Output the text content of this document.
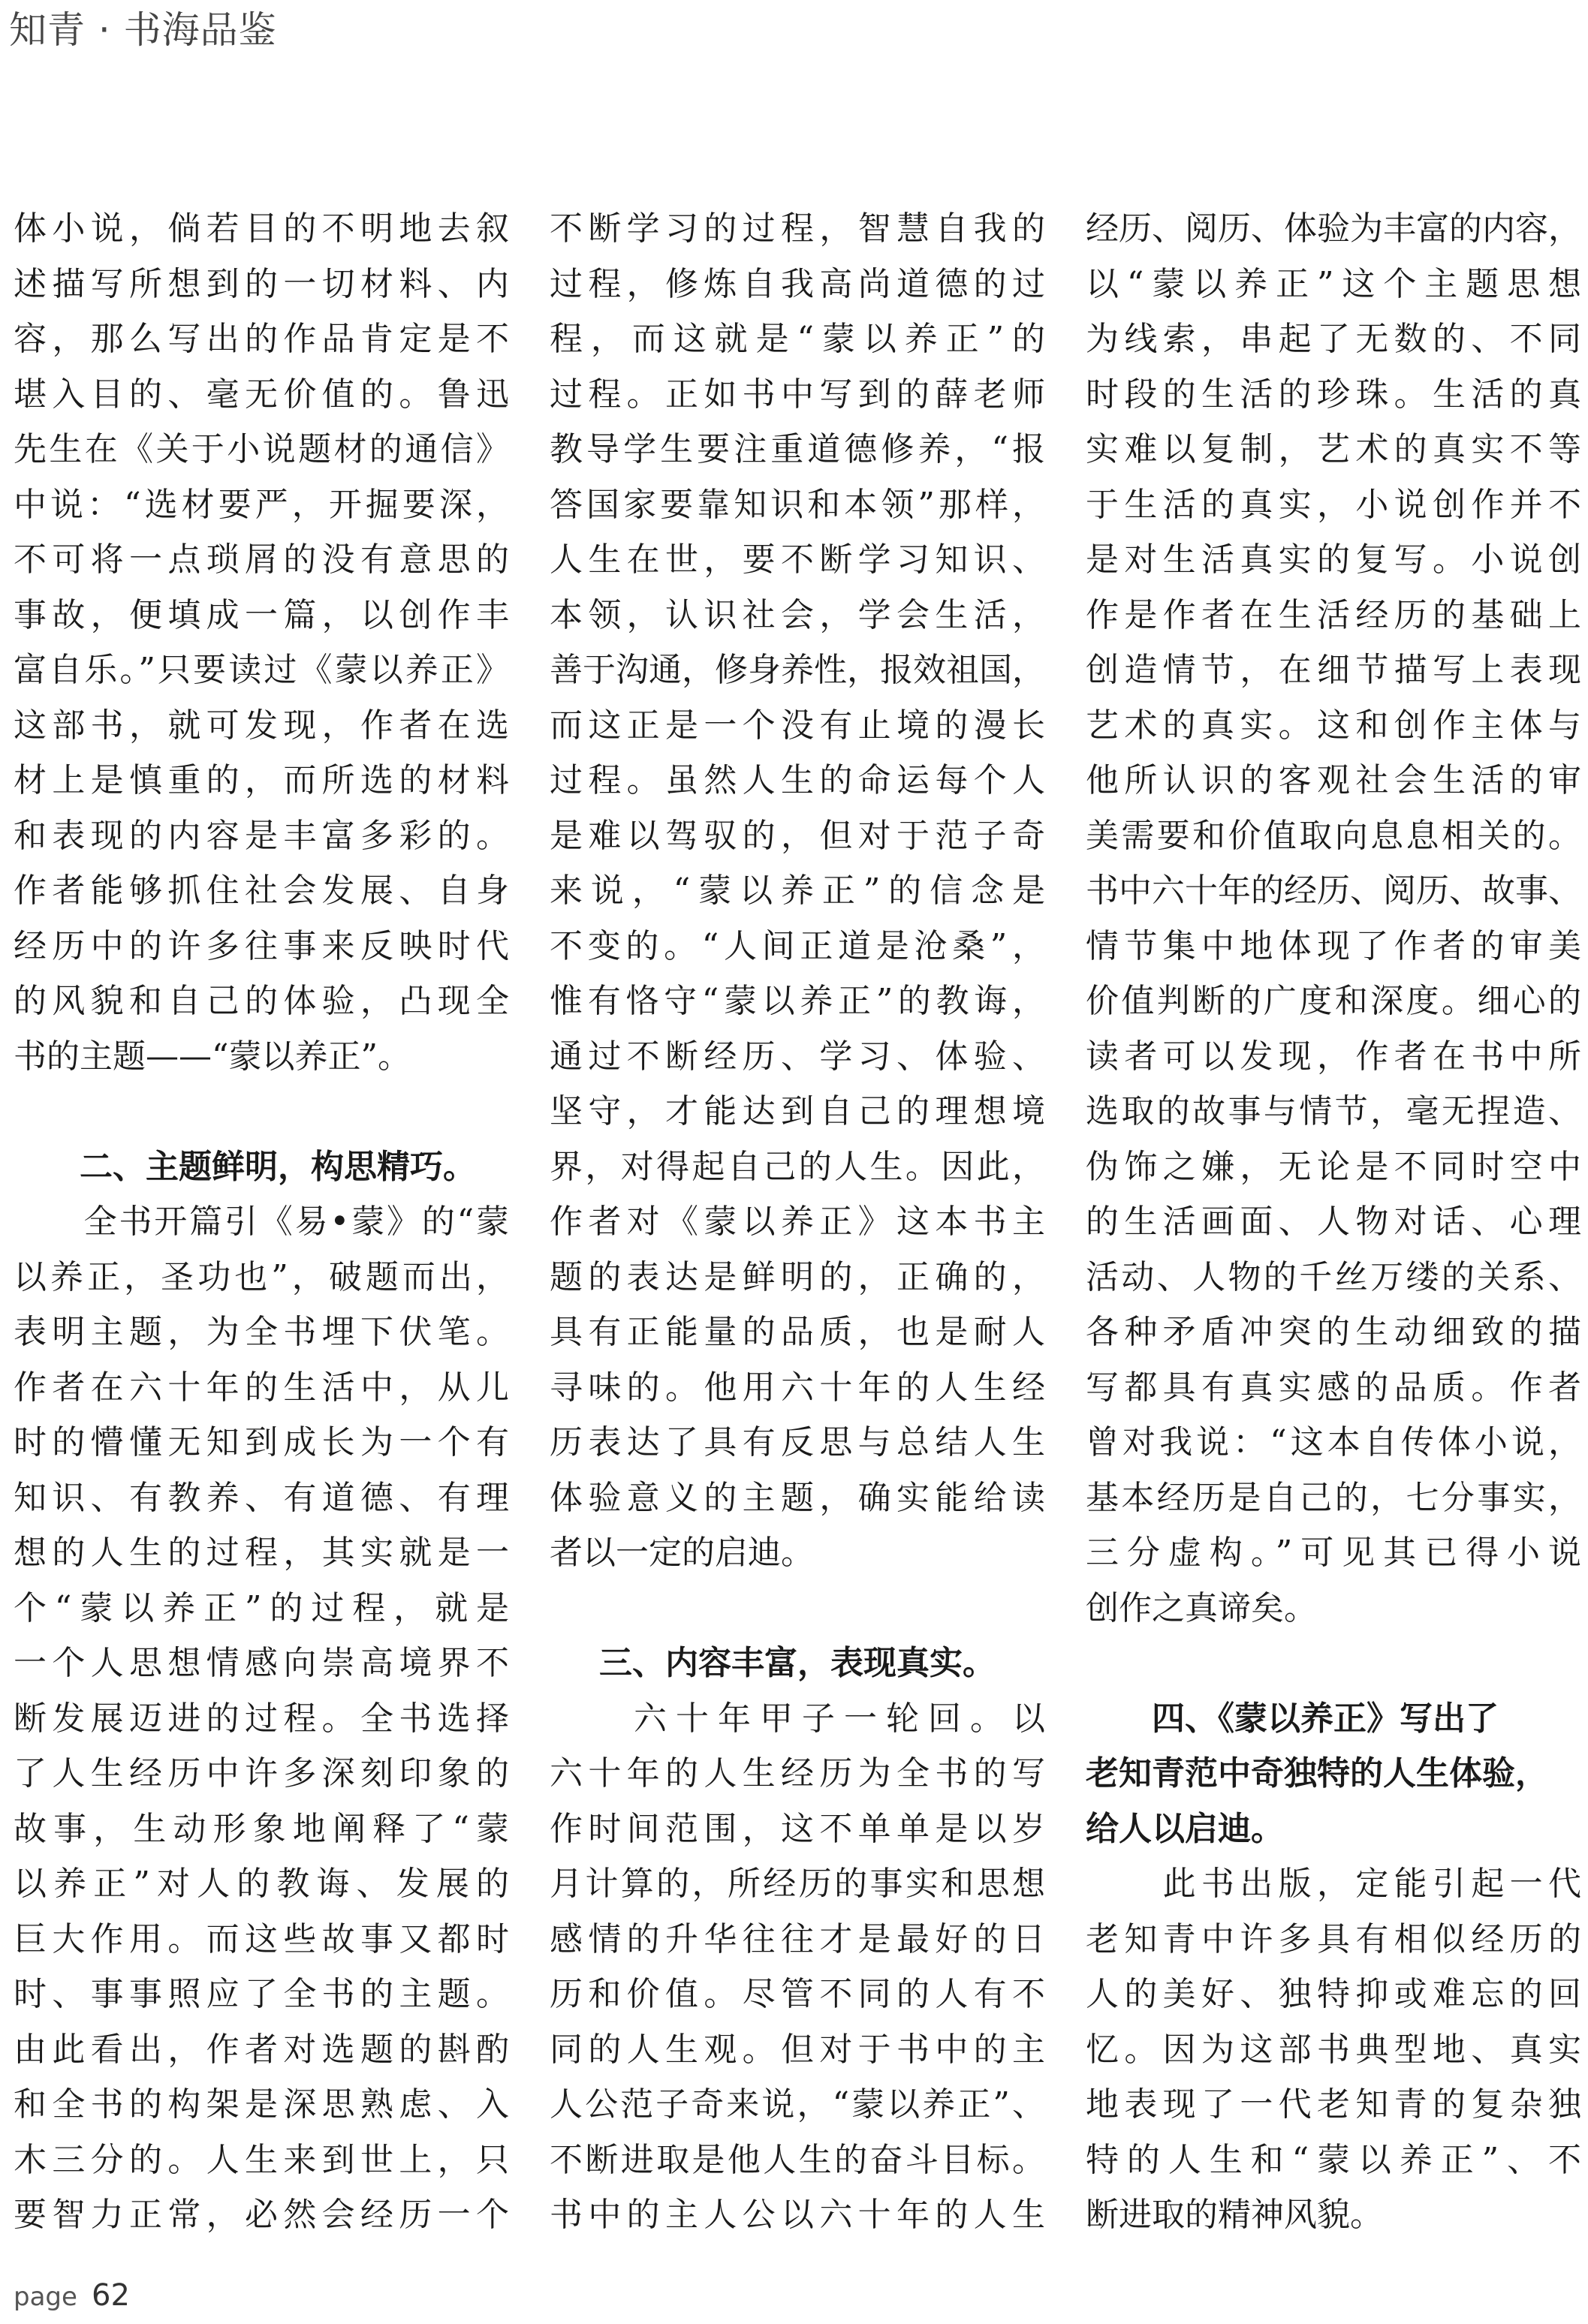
知青 · 书海品鉴
体小说，倘若目的不明地去叙
述描写所想到的一切材料、内
容，那么写出的作品肯定是不
堪入目的、毫无价值的。鲁迅
先生在《关于小说题材的通信》
中说：“选材要严，开掘要深，
不可将一点琐屑的没有意思的
事故，便填成一篇，以创作丰
富自乐。”只要读过《蒙以养正》
这部书，就可发现，作者在选
材上是慎重的，而所选的材料
和表现的内容是丰富多彩的。
作者能够抓住社会发展、自身
经历中的许多往事来反映时代
的风貌和自己的体验，凸现全
书的主题——“蒙以养正”。
　　二、主题鲜明，构思精巧。
　　全书开篇引《易•蒙》的“蒙
以养正，圣功也”，破题而出，
表明主题，为全书埋下伏笔。
作者在六十年的生活中，从儿
时的懵懂无知到成长为一个有
知识、有教养、有道德、有理
想的人生的过程，其实就是一
个“蒙以养正”的过程，就是
一个人思想情感向崇高境界不
断发展迈进的过程。全书选择
了人生经历中许多深刻印象的
故事，生动形象地阐释了“蒙
以养正”对人的教诲、发展的
巨大作用。而这些故事又都时
时、事事照应了全书的主题。
由此看出，作者对选题的斟酌
和全书的构架是深思熟虑、入
木三分的。人生来到世上，只
要智力正常，必然会经历一个
不断学习的过程，智慧自我的
过程，修炼自我高尚道德的过
程，而这就是“蒙以养正”的
过程。正如书中写到的薛老师
教导学生要注重道德修养，“报
答国家要靠知识和本领”那样，
人生在世，要不断学习知识、
本领，认识社会，学会生活，
善于沟通，修身养性，报效祖国，
而这正是一个没有止境的漫长
过程。虽然人生的命运每个人
是难以驾驭的，但对于范子奇
来说，“蒙以养正”的信念是
不变的。“人间正道是沧桑”，
惟有恪守“蒙以养正”的教诲，
通过不断经历、学习、体验、
坚守，才能达到自己的理想境
界，对得起自己的人生。因此，
作者对《蒙以养正》这本书主
题的表达是鲜明的，正确的，
具有正能量的品质，也是耐人
寻味的。他用六十年的人生经
历表达了具有反思与总结人生
体验意义的主题，确实能给读
者以一定的启迪。
三、内容丰富，表现真实。
　　六十年甲子一轮回。以
六十年的人生经历为全书的写
作时间范围，这不单单是以岁
月计算的，所经历的事实和思想
感情的升华往往才是最好的日
历和价值。尽管不同的人有不
同的人生观。但对于书中的主
人公范子奇来说，“蒙以养正”、
不断进取是他人生的奋斗目标。
书中的主人公以六十年的人生
经历、阅历、体验为丰富的内容，
以“蒙以养正”这个主题思想
为线索，串起了无数的、不同
时段的生活的珍珠。生活的真
实难以复制，艺术的真实不等
于生活的真实，小说创作并不
是对生活真实的复写。小说创
作是作者在生活经历的基础上
创造情节，在细节描写上表现
艺术的真实。这和创作主体与
他所认识的客观社会生活的审
美需要和价值取向息息相关的。
书中六十年的经历、阅历、故事、
情节集中地体现了作者的审美
价值判断的广度和深度。细心的
读者可以发现，作者在书中所
选取的故事与情节，毫无捏造、
伪饰之嫌，无论是不同时空中
的生活画面、人物对话、心理
活动、人物的千丝万缕的关系、
各种矛盾冲突的生动细致的描
写都具有真实感的品质。作者
曾对我说：“这本自传体小说，
基本经历是自己的，七分事实，
三分虚构。”可见其已得小说
创作之真谛矣。
　　四、《蒙以养正》写出了
老知青范中奇独特的人生体验，
给人以启迪。
　　此书出版，定能引起一代
老知青中许多具有相似经历的
人的美好、独特抑或难忘的回
忆。因为这部书典型地、真实
地表现了一代老知青的复杂独
特的人生和“蒙以养正”、不
断进取的精神风貌。
page 62
